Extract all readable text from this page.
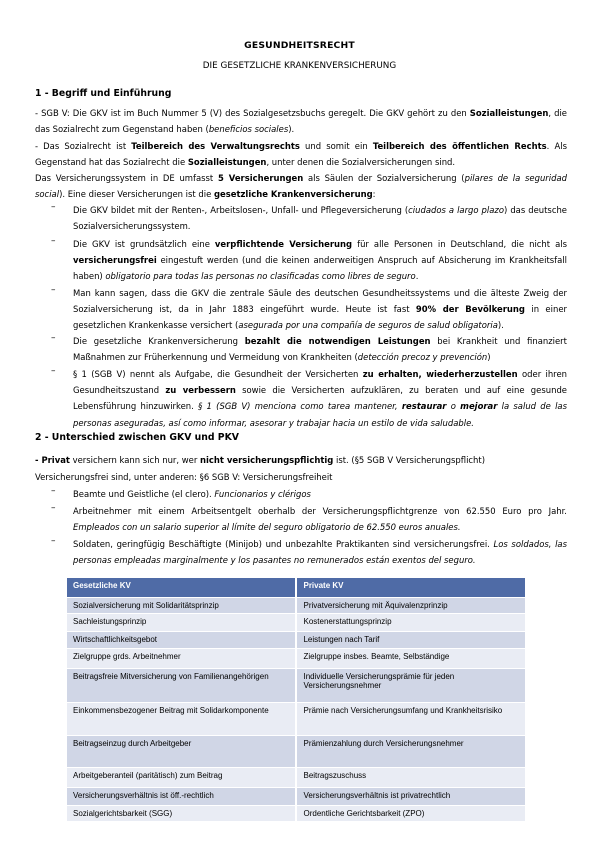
GESUNDHEITSRECHT
DIE GESETZLICHE KRANKENVERSICHERUNG
1 - Begriff und Einführung
- SGB V: Die GKV ist im Buch Nummer 5 (V) des Sozialgesetzsbuchs geregelt. Die GKV gehört zu den Sozialleistungen, die das Sozialrecht zum Gegenstand haben (beneficios sociales).
- Das Sozialrecht ist Teilbereich des Verwaltungsrechts und somit ein Teilbereich des öffentlichen Rechts. Als Gegenstand hat das Sozialrecht die Sozialleistungen, unter denen die Sozialversicherungen sind.
Das Versicherungssystem in DE umfasst 5 Versicherungen als Säulen der Sozialversicherung (pilares de la seguridad social). Eine dieser Versicherungen ist die gesetzliche Krankenversicherung:
– Die GKV bildet mit der Renten-, Arbeitslosen-, Unfall- und Pflegeversicherung (ciudados a largo plazo) das deutsche Sozialversicherungssystem.
– Die GKV ist grundsätzlich eine verpflichtende Versicherung für alle Personen in Deutschland, die nicht als versicherungsfrei eingestuft werden (und die keinen anderweitigen Anspruch auf Absicherung im Krankheitsfall haben) obligatorio para todas las personas no clasificadas como libres de seguro.
– Man kann sagen, dass die GKV die zentrale Säule des deutschen Gesundheitssystems und die älteste Zweig der Sozialversicherung ist, da in Jahr 1883 eingeführt wurde. Heute ist fast 90% der Bevölkerung in einer gesetzlichen Krankenkasse versichert (asegurada por una compañía de seguros de salud obligatoria).
– Die gesetzliche Krankenversicherung bezahlt die notwendigen Leistungen bei Krankheit und finanziert Maßnahmen zur Früherkennung und Vermeidung von Krankheiten (detección precoz y prevención)
– § 1 (SGB V) nennt als Aufgabe, die Gesundheit der Versicherten zu erhalten, wiederherzustellen oder ihren Gesundheitszustand zu verbessern sowie die Versicherten aufzuklären, zu beraten und auf eine gesunde Lebensführung hinzuwirken. § 1 (SGB V) menciona como tarea mantener, restaurar o mejorar la salud de las personas aseguradas, así como informar, asesorar y trabajar hacia un estilo de vida saludable.
2 - Unterschied zwischen GKV und PKV
- Privat versichern kann sich nur, wer nicht versicherungspflichtig ist. (§5 SGB V Versicherungspflicht)
Versicherungsfrei sind, unter anderen: §6 SGB V: Versicherungsfreiheit
– Beamte und Geistliche (el clero). Funcionarios y clérigos
– Arbeitnehmer mit einem Arbeitsentgelt oberhalb der Versicherungspflichtgrenze von 62.550 Euro pro Jahr. Empleados con un salario superior al límite del seguro obligatorio de 62.550 euros anuales.
– Soldaten, geringfügig Beschäftigte (Minijob) und unbezahlte Praktikanten sind versicherungsfrei. Los soldados, las personas empleadas marginalmente y los pasantes no remunerados están exentos del seguro.
Gesetzliche KV	Private KV
Sozialversicherung mit Solidaritätsprinzip	Privatversicherung mit Äquivalenzprinzip
Sachleistungsprinzip	Kostenerstattungsprinzip
Wirtschaftlichkeitsgebot	Leistungen nach Tarif
Zielgruppe grds. Arbeitnehmer	Zielgruppe insbes. Beamte, Selbständige
Beitragsfreie Mitversicherung von Familienangehörigen	Individuelle Versicherungsprämie für jeden Versicherungsnehmer
Einkommensbezogener Beitrag mit Solidarkomponente	Prämie nach Versicherungsumfang und Krankheitsrisiko
Beitragseinzug durch Arbeitgeber	Prämienzahlung durch Versicherungsnehmer
Arbeitgeberanteil (paritätisch) zum Beitrag	Beitragszuschuss
Versicherungsverhältnis ist öff.-rechtlich	Versicherungsverhältnis ist privatrechtlich
Sozialgerichtsbarkeit (SGG)	Ordentliche Gerichtsbarkeit (ZPO)
